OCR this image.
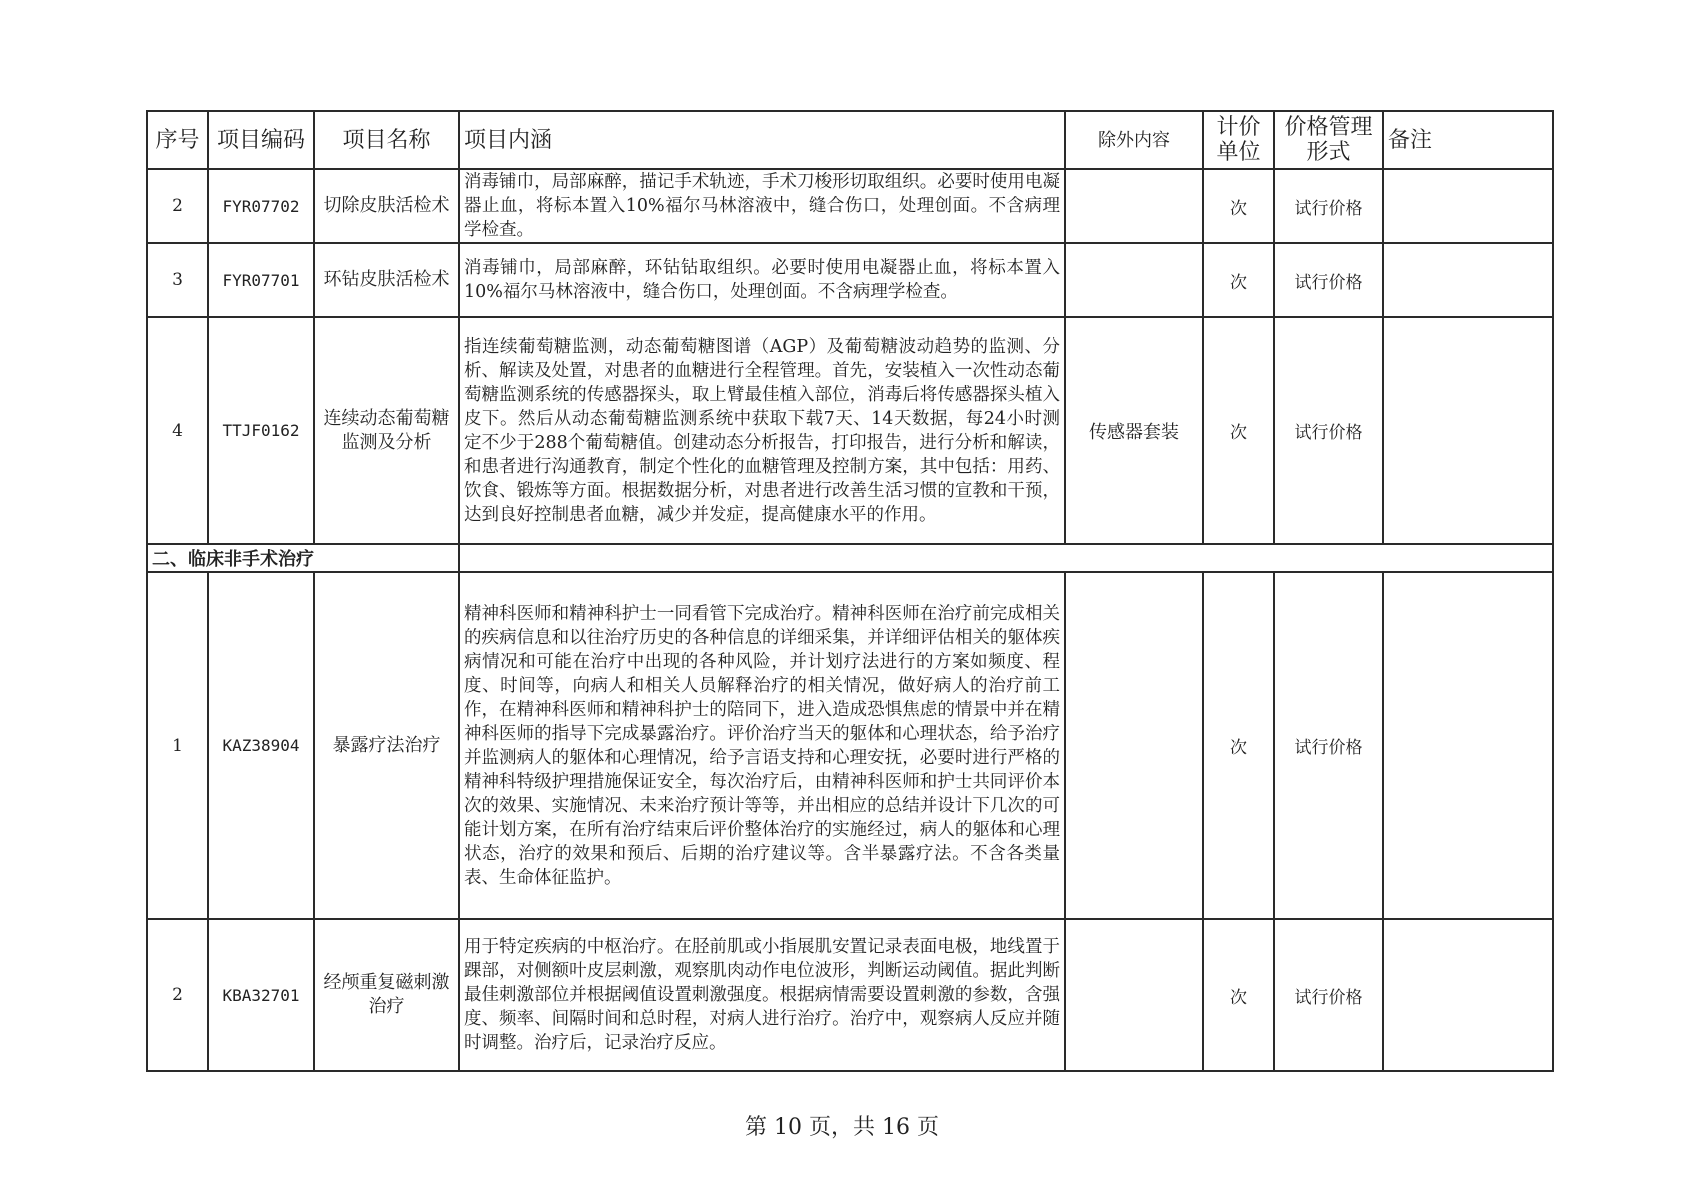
序号	项目编码	项目名称	项目内涵	除外内容	计价单位	价格管理形式	备注
2	FYR07702	切除皮肤活检术	消毒铺巾，局部麻醉，描记手术轨迹，手术刀梭形切取组织。必要时使用电凝器止血，将标本置入10%福尔马林溶液中，缝合伤口，处理创面。不含病理学检查。		次	试行价格	
3	FYR07701	环钻皮肤活检术	消毒铺巾，局部麻醉，环钻钻取组织。必要时使用电凝器止血，将标本置入10%福尔马林溶液中，缝合伤口，处理创面。不含病理学检查。		次	试行价格	
4	TTJF0162	连续动态葡萄糖监测及分析	指连续葡萄糖监测，动态葡萄糖图谱（AGP）及葡萄糖波动趋势的监测、分析、解读及处置，对患者的血糖进行全程管理。首先，安装植入一次性动态葡萄糖监测系统的传感器探头，取上臂最佳植入部位，消毒后将传感器探头植入皮下。然后从动态葡萄糖监测系统中获取下载7天、14天数据，每24小时测定不少于288个葡萄糖值。创建动态分析报告，打印报告，进行分析和解读，和患者进行沟通教育，制定个性化的血糖管理及控制方案，其中包括：用药、饮食、锻炼等方面。根据数据分析，对患者进行改善生活习惯的宣教和干预，达到良好控制患者血糖，减少并发症，提高健康水平的作用。	传感器套装	次	试行价格	
二、临床非手术治疗							
1	KAZ38904	暴露疗法治疗	精神科医师和精神科护士一同看管下完成治疗。精神科医师在治疗前完成相关的疾病信息和以往治疗历史的各种信息的详细采集，并详细评估相关的躯体疾病情况和可能在治疗中出现的各种风险，并计划疗法进行的方案如频度、程度、时间等，向病人和相关人员解释治疗的相关情况，做好病人的治疗前工作，在精神科医师和精神科护士的陪同下，进入造成恐惧焦虑的情景中并在精神科医师的指导下完成暴露治疗。评价治疗当天的躯体和心理状态，给予治疗并监测病人的躯体和心理情况，给予言语支持和心理安抚，必要时进行严格的精神科特级护理措施保证安全，每次治疗后，由精神科医师和护士共同评价本次的效果、实施情况、未来治疗预计等等，并出相应的总结并设计下几次的可能计划方案，在所有治疗结束后评价整体治疗的实施经过，病人的躯体和心理状态，治疗的效果和预后、后期的治疗建议等。含半暴露疗法。不含各类量表、生命体征监护。		次	试行价格	
2	KBA32701	经颅重复磁刺激治疗	用于特定疾病的中枢治疗。在胫前肌或小指展肌安置记录表面电极，地线置于踝部，对侧额叶皮层刺激，观察肌肉动作电位波形，判断运动阈值。据此判断最佳刺激部位并根据阈值设置刺激强度。根据病情需要设置刺激的参数，含强度、频率、间隔时间和总时程，对病人进行治疗。治疗中，观察病人反应并随时调整。治疗后，记录治疗反应。		次	试行价格	
第 10 页，共 16 页
